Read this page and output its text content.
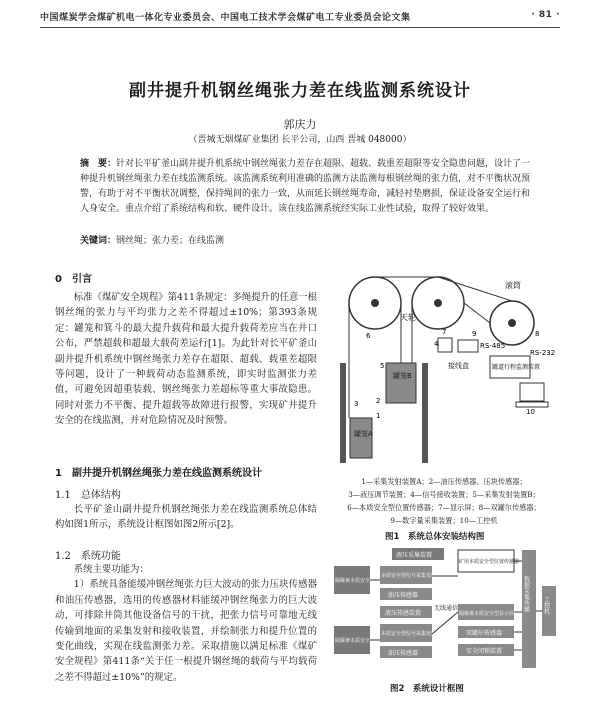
中国煤炭学会煤矿机电一体化专业委员会、中国电工技术学会煤矿电工专业委员会论文集	· 81 ·
副井提升机钢丝绳张力差在线监测系统设计
郭庆力
（晋城无烟煤矿业集团 长平公司，山西 晋城 048000）
摘　要：针对长平矿釜山副井提升机系统中钢丝绳张力差存在超限、超载、载重差超限等安全隐患问题，设计了一种提升机钢丝绳张力差在线监测系统。该监测系统利用准确的监测方法监测每根钢丝绳的张力值，对不平衡状况预警，有助于对不平衡状况调整，保持绳间的张力一致，从而延长钢丝绳寿命，减轻衬垫磨损，保证设备安全运行和人身安全。重点介绍了系统结构和软、硬件设计。该在线监测系统经实际工业性试验，取得了较好效果。
关键词：钢丝绳；张力差；在线监测
0　引言

标准《煤矿安全规程》第411条规定：多绳提升的任意一根钢丝绳的张力与平均张力之差不得超过±10%；第393条规定：罐笼和箕斗的最大提升载荷和最大提升载荷差应当在井口公布，严禁超载和超最大载荷差运行[1]。为此针对长平矿釜山副井提升机系统中钢丝绳张力差存在超限、超载、载重差超限等问题，设计了一种载荷动态监测系统，即实时监测张力差值，可避免因超重装载、钢丝绳张力差超标等重大事故隐患。同时对张力不平衡、提升超载等故障进行报警，实现矿井提升安全的在线监测，并对危险情况及时预警。

1　副井提升机钢丝绳张力差在线监测系统设计
1.1　总体结构

长平矿釜山副井提升机钢丝绳张力差在线监测系统总体结构如图1所示，系统设计框图如图2所示[2]。

1.2　系统功能

系统主要功能为：

1）系统具备能缓冲钢丝绳张力巨大波动的张力压块传感器和油压传感器，选用的传感器材料能缓冲钢丝绳张力的巨大波动，可排除井筒其他设备信号的干扰，把张力信号可靠地无线传输到地面的采集发射和接收装置，并绘制张力和提升位置的变化曲线，实现在线监测张力差。采取措施以满足标准《煤矿安全规程》第411条“关于任一根提升钢丝绳的载荷与平均载荷之差不得超过±10%”的规定。

天轮
滚筒
罐笼B
罐笼A
RS-485
接线盒	罐道行程监测装置
RS-232
1
2
3
4
5
6	7	8
9
10
1—采集发射装置A；2—油压传感器、压块传感器；
3—液压调节装置；4—信号接收装置；5—采集发射装置B；
6—本质安全型位置传感器；7—显示屏；8—双罐尔传感器；
9—数字量采集装置；10—工控机
图1　系统总体安装结构图
液压采集装置
隔爆兼本质安全电源
本质安全型信号采集发射装置
油压传感器
无线通信
液压传感装置
隔爆兼本质安全电源
本质安全型信号采集发射装置
油压传感器
矿用本质安全型位置传感器
隔爆兼本质安全型显示屏
双罐尔传感器
安全闭锁装置
数据采集传输 工控机
图2　系统设计框图
